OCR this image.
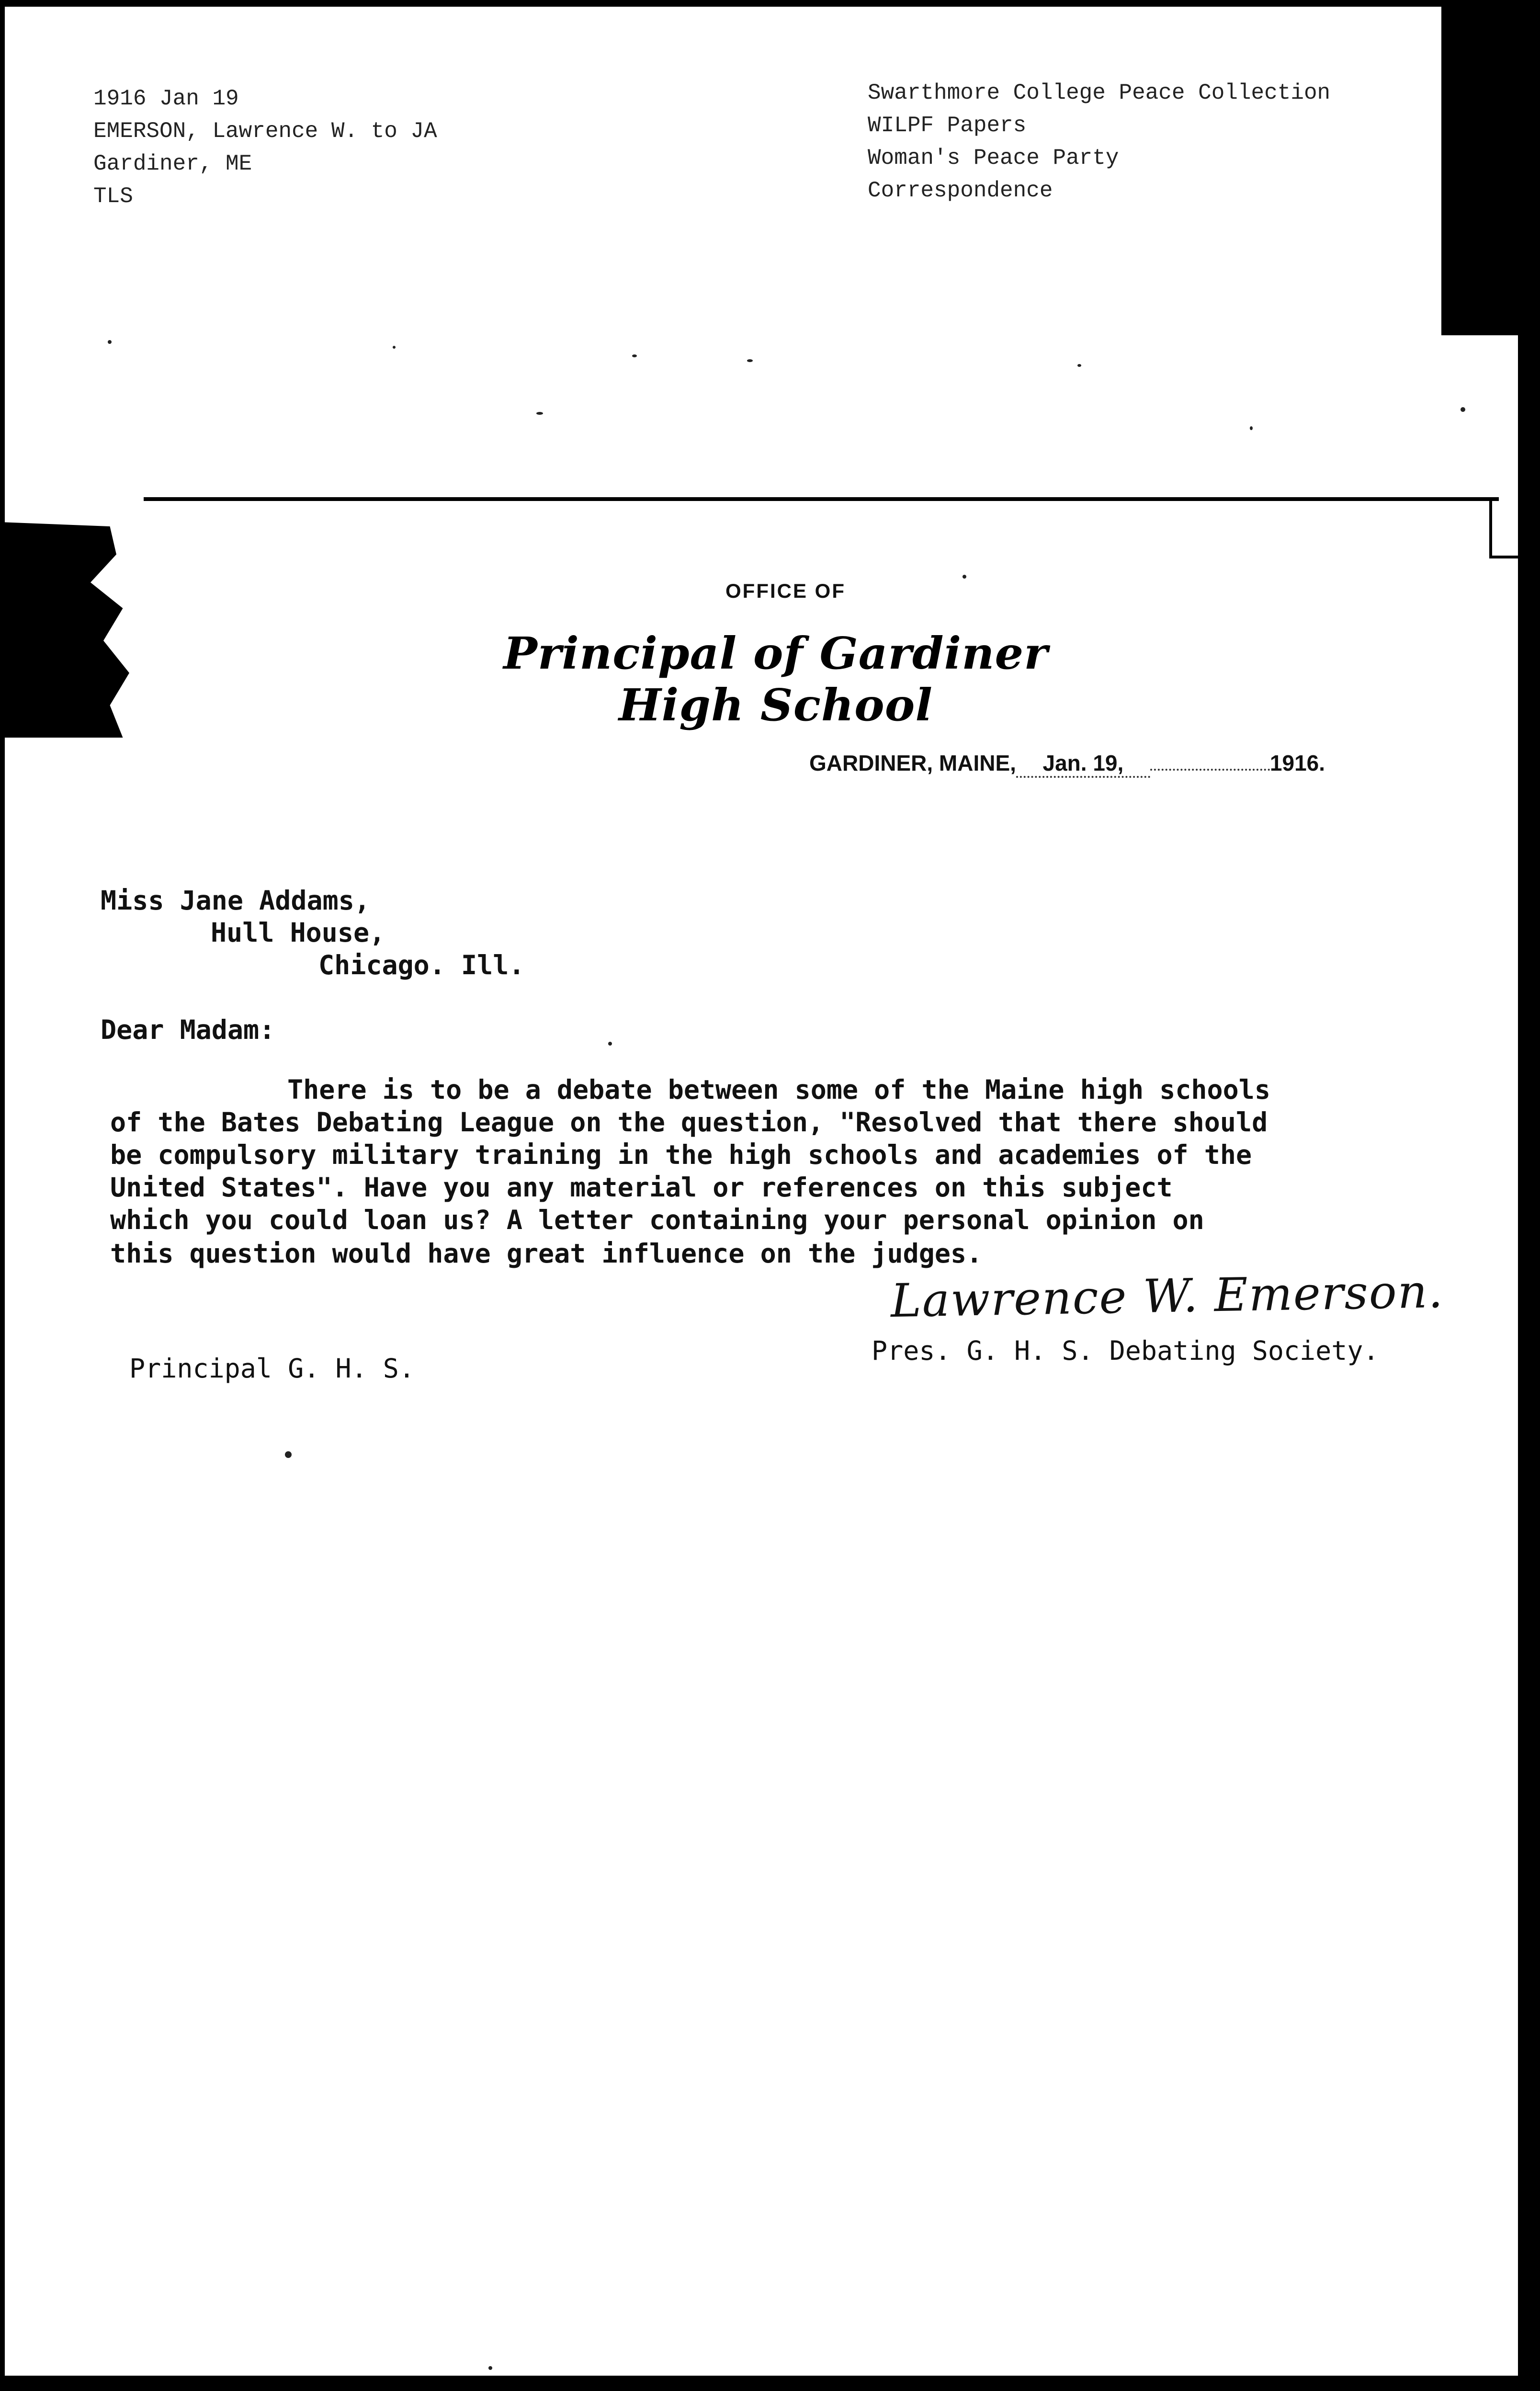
1916 Jan 19
EMERSON, Lawrence W. to JA
Gardiner, ME
TLS
Swarthmore College Peace Collection
WILPF Papers
Woman's Peace Party
Correspondence
OFFICE OF
Principal of Gardiner High School
GARDINER, MAINE, Jan. 19,	1916.
Miss Jane Addams,
Hull House,
Chicago. Ill.
Dear Madam:
There is to be a debate between some of the Maine high schools
of the Bates Debating League on the question, "Resolved that there should
be compulsory military training in the high schools and academies of the
United States". Have you any material or references on this subject
which you could loan us? A letter containing your personal opinion on
this question would have great influence on the judges.
Lawrence W. Emerson.
Pres. G. H. S. Debating Society.
Principal G. H. S.
